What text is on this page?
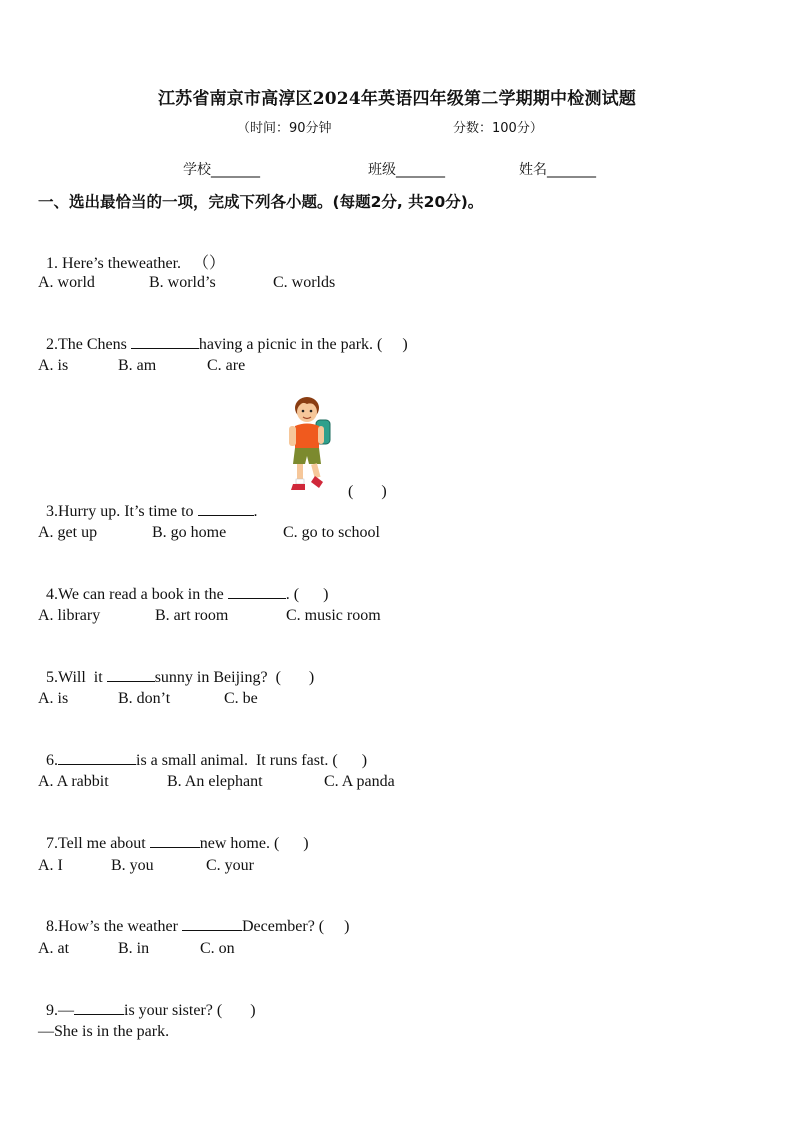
江苏省南京市高淳区2024年英语四年级第二学期期中检测试题
（时间：90分钟	分数：100分）
学校_______	班级_______	姓名_______
一、选出最恰当的一项，完成下列各小题。(每题2分, 共20分)。

1. Here’s theweather.   （）

A. world	B. world’s	C. worlds

2.The Chens	having a picnic in the park. (     )

A. is	B. am	C. are

3.Hurry up. It’s time to	.

(       )
A. get up	B. go home	C. go to school

4.We can read a book in the	. (      )

A. library	B. art room	C. music room

5.Will  it	sunny in Beijing?  (       )

A. is	B. don’t	C. be

6.	is a small animal.  It runs fast. (      )

A. A rabbit	B. An elephant	C. A panda

7.Tell me about	new home. (      )

A. I	B. you	C. your

8.How’s the weather	December? (     )

A. at	B. in	C. on

9.—	is your sister? (       )

—She is in the park.
